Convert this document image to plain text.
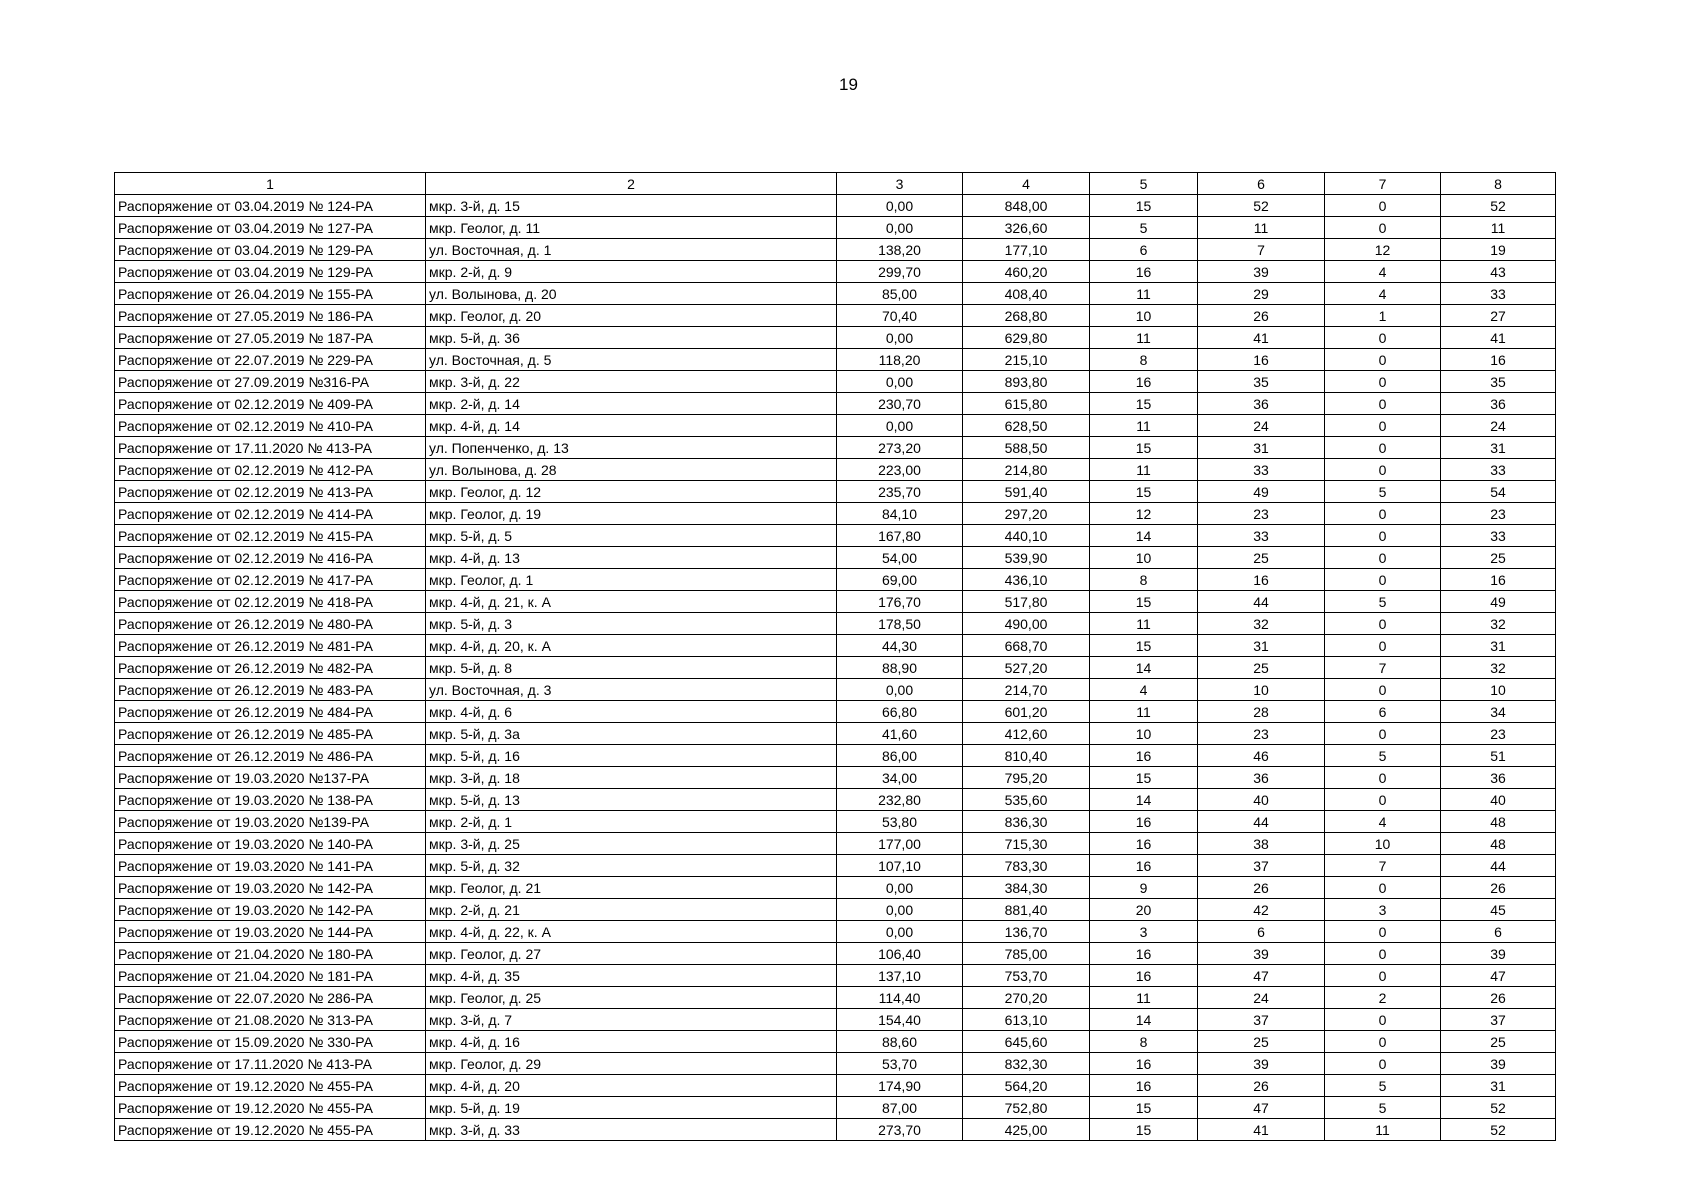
19
1	2	3	4	5	6	7	8
Распоряжение от 03.04.2019 № 124-РА	мкр. 3-й, д. 15	0,00	848,00	15	52	0	52
Распоряжение от 03.04.2019 № 127-РА	мкр. Геолог, д. 11	0,00	326,60	5	11	0	11
Распоряжение от 03.04.2019 № 129-РА	ул. Восточная, д. 1	138,20	177,10	6	7	12	19
Распоряжение от 03.04.2019 № 129-РА	мкр. 2-й, д. 9	299,70	460,20	16	39	4	43
Распоряжение от 26.04.2019 № 155-РА	ул. Волынова, д. 20	85,00	408,40	11	29	4	33
Распоряжение от 27.05.2019 № 186-РА	мкр. Геолог, д. 20	70,40	268,80	10	26	1	27
Распоряжение от 27.05.2019 № 187-РА	мкр. 5-й, д. 36	0,00	629,80	11	41	0	41
Распоряжение от 22.07.2019 № 229-РА	ул. Восточная, д. 5	118,20	215,10	8	16	0	16
Распоряжение от 27.09.2019 №316-РА	мкр. 3-й, д. 22	0,00	893,80	16	35	0	35
Распоряжение от 02.12.2019 № 409-РА	мкр. 2-й, д. 14	230,70	615,80	15	36	0	36
Распоряжение от 02.12.2019 № 410-РА	мкр. 4-й, д. 14	0,00	628,50	11	24	0	24
Распоряжение от 17.11.2020 № 413-РА	ул. Попенченко, д. 13	273,20	588,50	15	31	0	31
Распоряжение от 02.12.2019 № 412-РА	ул. Волынова, д. 28	223,00	214,80	11	33	0	33
Распоряжение от 02.12.2019 № 413-РА	мкр. Геолог, д. 12	235,70	591,40	15	49	5	54
Распоряжение от 02.12.2019 № 414-РА	мкр. Геолог, д. 19	84,10	297,20	12	23	0	23
Распоряжение от 02.12.2019 № 415-РА	мкр. 5-й, д. 5	167,80	440,10	14	33	0	33
Распоряжение от 02.12.2019 № 416-РА	мкр. 4-й, д. 13	54,00	539,90	10	25	0	25
Распоряжение от 02.12.2019 № 417-РА	мкр. Геолог, д. 1	69,00	436,10	8	16	0	16
Распоряжение от 02.12.2019 № 418-РА	мкр. 4-й, д. 21, к. А	176,70	517,80	15	44	5	49
Распоряжение от 26.12.2019 № 480-РА	мкр. 5-й, д. 3	178,50	490,00	11	32	0	32
Распоряжение от 26.12.2019 № 481-РА	мкр. 4-й, д. 20, к. А	44,30	668,70	15	31	0	31
Распоряжение от 26.12.2019 № 482-РА	мкр. 5-й, д. 8	88,90	527,20	14	25	7	32
Распоряжение от 26.12.2019 № 483-РА	ул. Восточная, д. 3	0,00	214,70	4	10	0	10
Распоряжение от 26.12.2019 № 484-РА	мкр. 4-й, д. 6	66,80	601,20	11	28	6	34
Распоряжение от 26.12.2019 № 485-РА	мкр. 5-й, д. 3а	41,60	412,60	10	23	0	23
Распоряжение от 26.12.2019 № 486-РА	мкр. 5-й, д. 16	86,00	810,40	16	46	5	51
Распоряжение от 19.03.2020 №137-РА	мкр. 3-й, д. 18	34,00	795,20	15	36	0	36
Распоряжение от 19.03.2020 № 138-РА	мкр. 5-й, д. 13	232,80	535,60	14	40	0	40
Распоряжение от 19.03.2020 №139-РА	мкр. 2-й, д. 1	53,80	836,30	16	44	4	48
Распоряжение от 19.03.2020 № 140-РА	мкр. 3-й, д. 25	177,00	715,30	16	38	10	48
Распоряжение от 19.03.2020 № 141-РА	мкр. 5-й, д. 32	107,10	783,30	16	37	7	44
Распоряжение от 19.03.2020 № 142-РА	мкр. Геолог, д. 21	0,00	384,30	9	26	0	26
Распоряжение от 19.03.2020 № 142-РА	мкр. 2-й, д. 21	0,00	881,40	20	42	3	45
Распоряжение от 19.03.2020 № 144-РА	мкр. 4-й, д. 22, к. А	0,00	136,70	3	6	0	6
Распоряжение от 21.04.2020 № 180-РА	мкр. Геолог, д. 27	106,40	785,00	16	39	0	39
Распоряжение от 21.04.2020 № 181-РА	мкр. 4-й, д. 35	137,10	753,70	16	47	0	47
Распоряжение от 22.07.2020 № 286-РА	мкр. Геолог, д. 25	114,40	270,20	11	24	2	26
Распоряжение от 21.08.2020 № 313-РА	мкр. 3-й, д. 7	154,40	613,10	14	37	0	37
Распоряжение от 15.09.2020 № 330-РА	мкр. 4-й, д. 16	88,60	645,60	8	25	0	25
Распоряжение от 17.11.2020 № 413-РА	мкр. Геолог, д. 29	53,70	832,30	16	39	0	39
Распоряжение от 19.12.2020 № 455-РА	мкр. 4-й, д. 20	174,90	564,20	16	26	5	31
Распоряжение от 19.12.2020 № 455-РА	мкр. 5-й, д. 19	87,00	752,80	15	47	5	52
Распоряжение от 19.12.2020 № 455-РА	мкр. 3-й, д. 33	273,70	425,00	15	41	11	52
